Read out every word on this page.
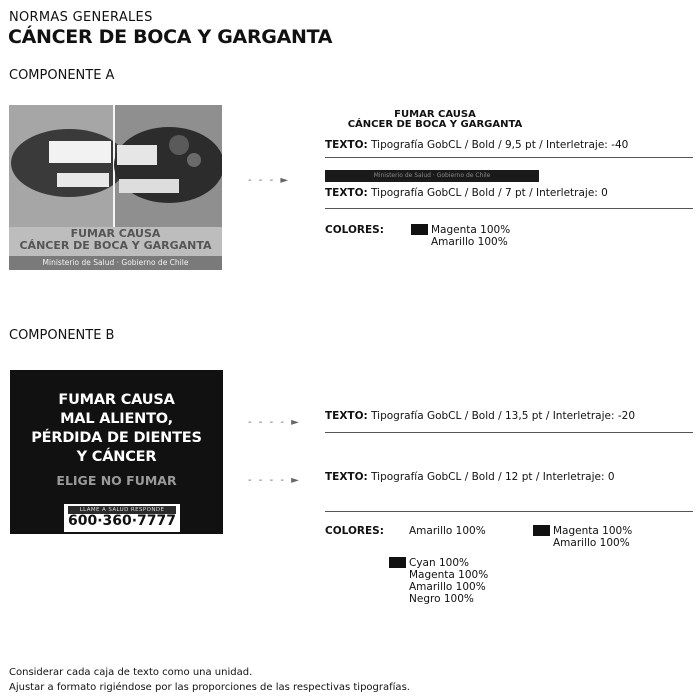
NORMAS GENERALES
CÁNCER DE BOCA Y GARGANTA
COMPONENTE A
FUMAR CAUSA
CÁNCER DE BOCA Y GARGANTA
Ministerio de Salud · Gobierno de Chile
- - - ►
FUMAR CAUSA
CÁNCER DE BOCA Y GARGANTA
TEXTO: Tipografía GobCL / Bold / 9,5 pt / Interletraje: -40
Ministerio de Salud · Gobierno de Chile
TEXTO: Tipografía GobCL / Bold / 7 pt / Interletraje: 0
COLORES:	Magenta 100%
Amarillo 100%
COMPONENTE B
FUMAR CAUSA
MAL ALIENTO,
PÉRDIDA DE DIENTES
Y CÁNCER
ELIGE NO FUMAR
LLAME A SALUD RESPONDE
600·360·7777
- - - - ►
- - - - ►
TEXTO: Tipografía GobCL / Bold / 13,5 pt / Interletraje: -20
TEXTO: Tipografía GobCL / Bold / 12 pt / Interletraje: 0
COLORES: Amarillo 100%	Magenta 100%
Amarillo 100%
Cyan 100%
Magenta 100%
Amarillo 100%
Negro 100%
Considerar cada caja de texto como una unidad.
Ajustar a formato rigiéndose por las proporciones de las respectivas tipografías.
